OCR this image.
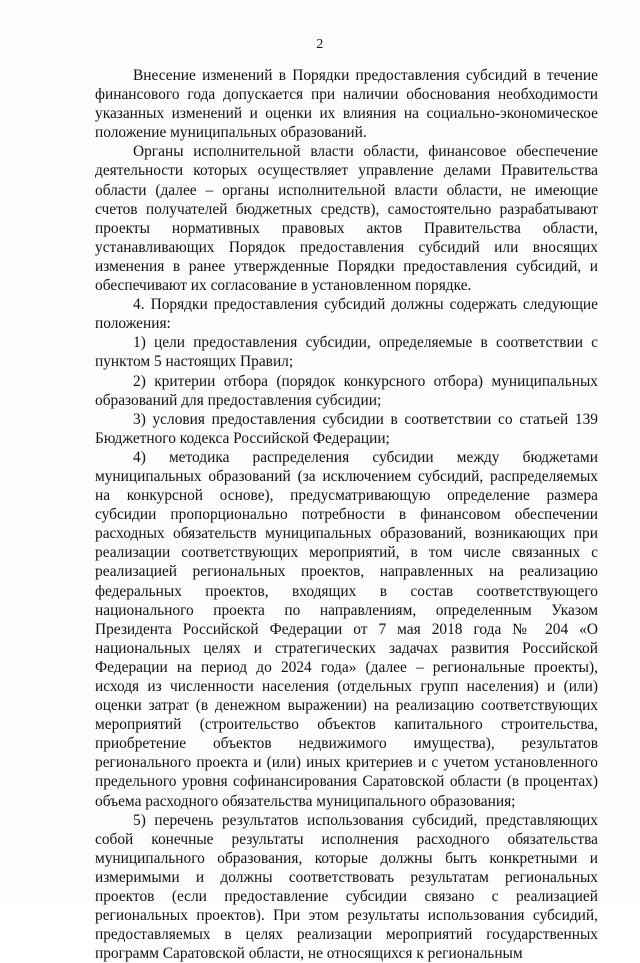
2

Внесение изменений в Порядки предоставления субсидий в течение финансового года допускается при наличии обоснования необходимости указанных изменений и оценки их влияния на социально-экономическое положение муниципальных образований.

Органы исполнительной власти области, финансовое обеспечение деятельности которых осуществляет управление делами Правительства области (далее – органы исполнительной власти области, не имеющие счетов получателей бюджетных средств), самостоятельно разрабатывают проекты нормативных правовых актов Правительства области, устанавливающих Порядок предоставления субсидий или вносящих изменения в ранее утвержденные Порядки предоставления субсидий, и обеспечивают их согласование в установленном порядке.

4. Порядки предоставления субсидий должны содержать следующие положения:

1) цели предоставления субсидии, определяемые в соответствии с пунктом 5 настоящих Правил;

2) критерии отбора (порядок конкурсного отбора) муниципальных образований для предоставления субсидии;

3) условия предоставления субсидии в соответствии со статьей 139 Бюджетного кодекса Российской Федерации;

4) методика распределения субсидии между бюджетами муниципальных образований (за исключением субсидий, распределяемых на конкурсной основе), предусматривающую определение размера субсидии пропорционально потребности в финансовом обеспечении расходных обязательств муниципальных образований, возникающих при реализации соответствующих мероприятий, в том числе связанных с реализацией региональных проектов, направленных на реализацию федеральных проектов, входящих в состав соответствующего национального проекта по направлениям, определенным Указом Президента Российской Федерации от 7 мая 2018 года № 204 «О национальных целях и стратегических задачах развития Российской Федерации на период до 2024 года» (далее – региональные проекты), исходя из численности населения (отдельных групп населения) и (или) оценки затрат (в денежном выражении) на реализацию соответствующих мероприятий (строительство объектов капитального строительства, приобретение объектов недвижимого имущества), результатов регионального проекта и (или) иных критериев и с учетом установленного предельного уровня софинансирования Саратовской области (в процентах) объема расходного обязательства муниципального образования;

5) перечень результатов использования субсидий, представляющих собой конечные результаты исполнения расходного обязательства муниципального образования, которые должны быть конкретными и измеримыми и должны соответствовать результатам региональных проектов (если предоставление субсидии связано с реализацией региональных проектов). При этом результаты использования субсидий, предоставляемых в целях реализации мероприятий государственных программ Саратовской области, не относящихся к региональным
